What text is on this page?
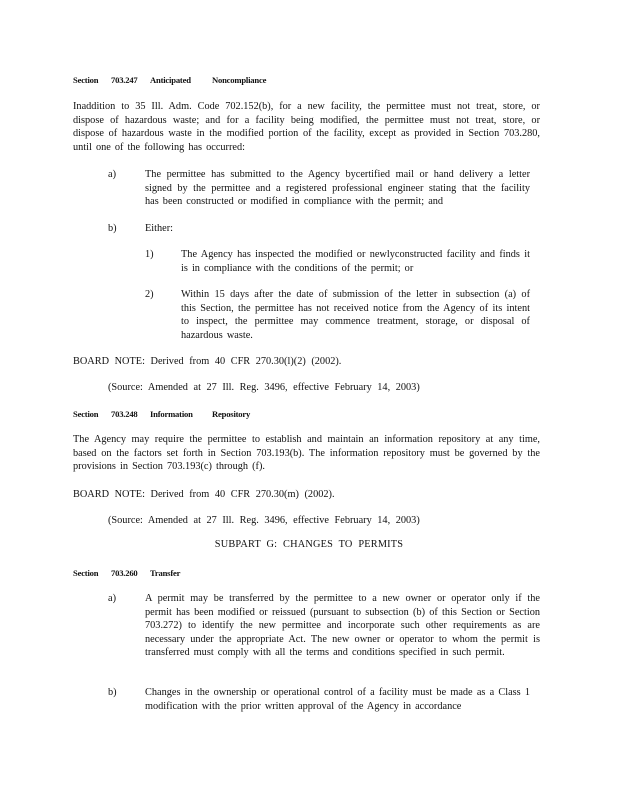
Section 703.247 Anticipated Noncompliance
Inaddition to 35 Ill. Adm. Code 702.152(b), for a new facility, the permittee must not treat, store, or dispose of hazardous waste; and for a facility being modified, the permittee must not treat, store, or dispose of hazardous waste in the modified portion of the facility, except as provided in Section 703.280, until one of the following has occurred:
a)	The permittee has submitted to the Agency bycertified mail or hand delivery a letter signed by the permittee and a registered professional engineer stating that the facility has been constructed or modified in compliance with the permit; and
b)	Either:
1)	The Agency has inspected the modified or newlyconstructed facility and finds it is in compliance with the conditions of the permit; or
2)	Within 15 days after the date of submission of the letter in subsection (a) of this Section, the permittee has not received notice from the Agency of its intent to inspect, the permittee may commence treatment, storage, or disposal of hazardous waste.
BOARD NOTE: Derived from 40 CFR 270.30(l)(2) (2002).
(Source: Amended at 27 Ill. Reg. 3496, effective February 14, 2003)
Section 703.248 Information Repository
The Agency may require the permittee to establish and maintain an information repository at any time, based on the factors set forth in Section 703.193(b). The information repository must be governed by the provisions in Section 703.193(c) through (f).
BOARD NOTE: Derived from 40 CFR 270.30(m) (2002).
(Source: Amended at 27 Ill. Reg. 3496, effective February 14, 2003)
SUBPART G: CHANGES TO PERMITS
Section 703.260 Transfer
a)	A permit may be transferred by the permittee to a new owner or operator only if the permit has been modified or reissued (pursuant to subsection (b) of this Section or Section 703.272) to identify the new permittee and incorporate such other requirements as are necessary under the appropriate Act. The new owner or operator to whom the permit is transferred must comply with all the terms and conditions specified in such permit.
b)	Changes in the ownership or operational control of a facility must be made as a Class 1 modification with the prior written approval of the Agency in accordance
